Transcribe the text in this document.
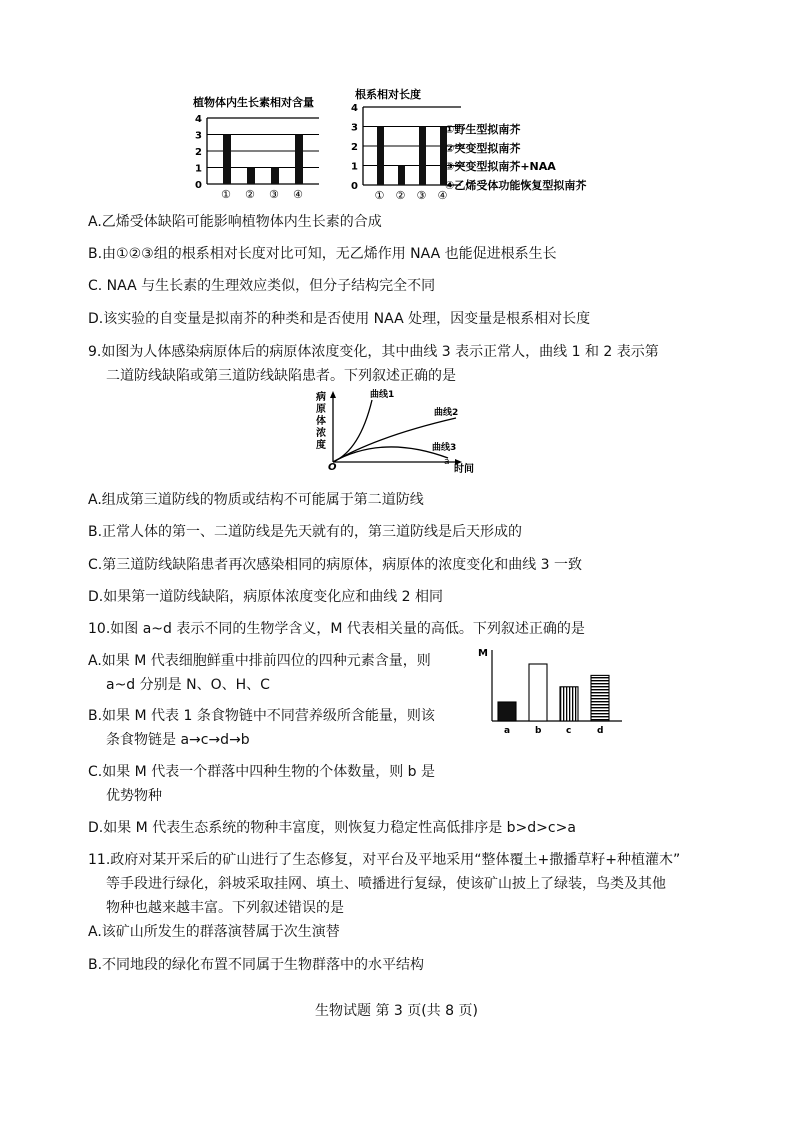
植物体内生长素相对含量
0
1
2
3
4
① ② ③ ④
根系相对长度
0
1
2
3
4
① ② ③ ④
①野生型拟南芥
②突变型拟南芥
③突变型拟南芥+NAA
④乙烯受体功能恢复型拟南芥
A.乙烯受体缺陷可能影响植物体内生长素的合成
B.由①②③组的根系相对长度对比可知，无乙烯作用 NAA 也能促进根系生长
C. NAA 与生长素的生理效应类似，但分子结构完全不同
D.该实验的自变量是拟南芥的种类和是否使用 NAA 处理，因变量是根系相对长度
9.如图为人体感染病原体后的病原体浓度变化，其中曲线 3 表示正常人，曲线 1 和 2 表示第
二道防线缺陷或第三道防线缺陷患者。下列叙述正确的是
病原体浓度
O	a
时间
曲线1
曲线2
曲线3
A.组成第三道防线的物质或结构不可能属于第二道防线
B.正常人体的第一、二道防线是先天就有的，第三道防线是后天形成的
C.第三道防线缺陷患者再次感染相同的病原体，病原体的浓度变化和曲线 3 一致
D.如果第一道防线缺陷，病原体浓度变化应和曲线 2 相同
10.如图 a~d 表示不同的生物学含义，M 代表相关量的高低。下列叙述正确的是
A.如果 M 代表细胞鲜重中排前四位的四种元素含量，则
a~d 分别是 N、O、H、C
B.如果 M 代表 1 条食物链中不同营养级所含能量，则该
条食物链是 a→c→d→b
C.如果 M 代表一个群落中四种生物的个体数量，则 b 是
优势物种
D.如果 M 代表生态系统的物种丰富度，则恢复力稳定性高低排序是 b>d>c>a
M
a	b	c	d
11.政府对某开采后的矿山进行了生态修复，对平台及平地采用“整体覆土+撒播草籽+种植灌木”
等手段进行绿化，斜坡采取挂网、填土、喷播进行复绿，使该矿山披上了绿装，鸟类及其他
物种也越来越丰富。下列叙述错误的是
A.该矿山所发生的群落演替属于次生演替
B.不同地段的绿化布置不同属于生物群落中的水平结构
生物试题 第 3 页(共 8 页)
